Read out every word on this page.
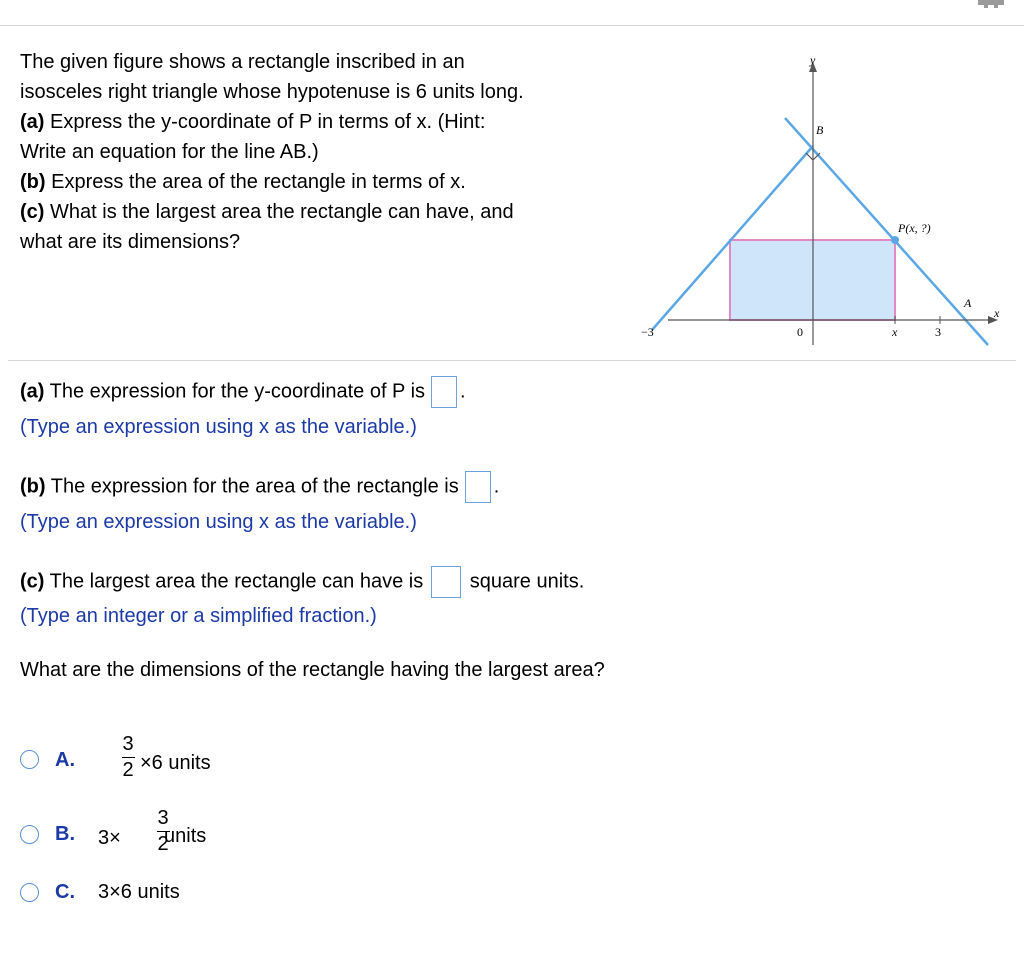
The given figure shows a rectangle inscribed in an
isosceles right triangle whose hypotenuse is 6 units long.
(a) Express the y-coordinate of P in terms of x. (Hint:
Write an equation for the line AB.)
(b) Express the area of the rectangle in terms of x.
(c) What is the largest area the rectangle can have, and
what are its dimensions?
y
B
P(x, ?)
A
x
−3	0	x	3
(a) The expression for the y-coordinate of P is .
(Type an expression using x as the variable.)
(b) The expression for the area of the rectangle is .
(Type an expression using x as the variable.)
(c) The largest area the rectangle can have is square units.
(Type an integer or a simplified fraction.)
What are the dimensions of the rectangle having the largest area?
A.
3
2 ×6 units
B. 3×
3
2
units
C. 3×6 units
